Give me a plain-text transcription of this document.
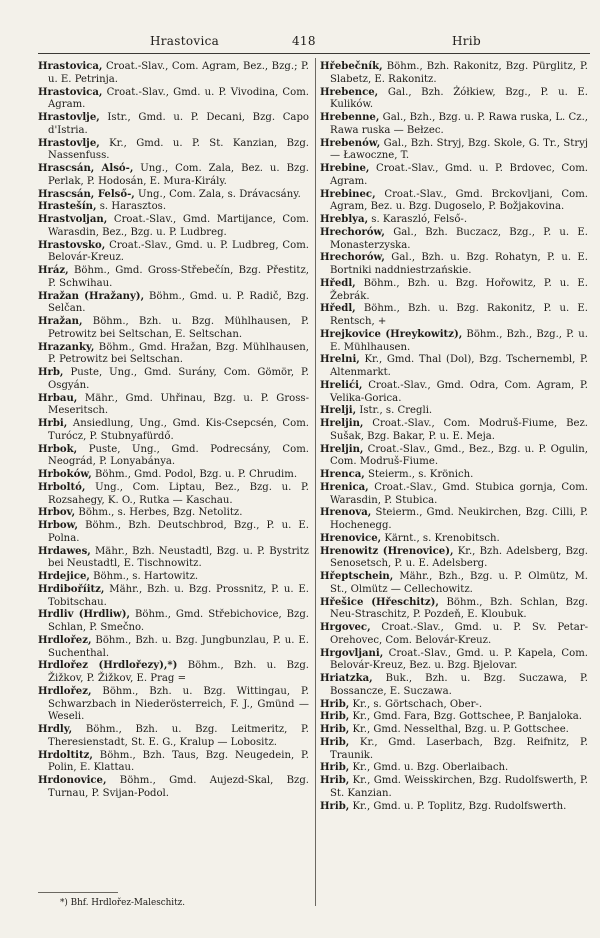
Hrastovica	418	Hrib

Hrastovica, Croat.-Slav., Com. Agram, Bez., Bzg.; P. u. E. Petrinja.

Hrastovica, Croat.-Slav., Gmd. u. P. Vivodina, Com. Agram.

Hrastovlje, Istr., Gmd. u. P. Decani, Bzg. Capo d'Istria.

Hrastovlje, Kr., Gmd. u. P. St. Kanzian, Bzg. Nassenfuss.

Hrascsán, Alsó-, Ung., Com. Zala, Bez. u. Bzg. Perlak, P. Hodosán, E. Mura-Király.

Hrascsán, Felső-, Ung., Com. Zala, s. Drávacsány.

Hrastešín, s. Harasztos.

Hrastvoljan, Croat.-Slav., Gmd. Martijance, Com. Warasdin, Bez., Bzg. u. P. Ludbreg.

Hrastovsko, Croat.-Slav., Gmd. u. P. Ludbreg, Com. Belovár-Kreuz.

Hráz, Böhm., Gmd. Gross-Střebečín, Bzg. Přestitz, P. Schwihau.

Hražan (Hražany), Böhm., Gmd. u. P. Radič, Bzg. Selčan.

Hražan, Böhm., Bzh. u. Bzg. Mühlhausen, P. Petrowitz bei Seltschan, E. Seltschan.

Hrazanky, Böhm., Gmd. Hražan, Bzg. Mühlhausen, P. Petrowitz bei Seltschan.

Hrb, Puste, Ung., Gmd. Surány, Com. Gömör, P. Osgyán.

Hrbau, Mähr., Gmd. Uhřinau, Bzg. u. P. Gross-Meseritsch.

Hrbi, Ansiedlung, Ung., Gmd. Kis-Csepcsén, Com. Turócz, P. Stubnyafürdő.

Hrbok, Puste, Ung., Gmd. Podrecsány, Com. Neográd, P. Lonyabánya.

Hrboków, Böhm., Gmd. Podol, Bzg. u. P. Chrudim.

Hrboltó, Ung., Com. Liptau, Bez., Bzg. u. P. Rozsahegy, K. O., Rutka — Kaschau.

Hrbov, Böhm., s. Herbes, Bzg. Netolitz.

Hrbow, Böhm., Bzh. Deutschbrod, Bzg., P. u. E. Polna.

Hrdawes, Mähr., Bzh. Neustadtl, Bzg. u. P. Bystritz bei Neustadtl, E. Tischnowitz.

Hrdejice, Böhm., s. Hartowitz.

Hrdiboříitz, Mähr., Bzh. u. Bzg. Prossnitz, P. u. E. Tobitschau.

Hrdliv (Hrdliw), Böhm., Gmd. Střebichovice, Bzg. Schlan, P. Smečno.

Hrdlořez, Böhm., Bzh. u. Bzg. Jungbunzlau, P. u. E. Suchenthal.

Hrdlořez (Hrdlořezy),*) Böhm., Bzh. u. Bzg. Žižkov, P. Žižkov, E. Prag =

Hrdlořez, Böhm., Bzh. u. Bzg. Wittingau, P. Schwarzbach in Niederösterreich, F. J., Gmünd — Weseli.

Hrdly, Böhm., Bzh. u. Bzg. Leitmeritz, P. Theresienstadt, St. E. G., Kralup — Lobositz.

Hrdoltitz, Böhm., Bzh. Taus, Bzg. Neugedein, P. Polin, E. Klattau.

Hrdonovice, Böhm., Gmd. Aujezd-Skal, Bzg. Turnau, P. Svijan-Podol.

Hřebečník, Böhm., Bzh. Rakonitz, Bzg. Pürglitz, P. Slabetz, E. Rakonitz.

Hrebence, Gal., Bzh. Żółkiew, Bzg., P. u. E. Kulików.

Hrebenne, Gal., Bzh., Bzg. u. P. Rawa ruska, L. Cz., Rawa ruska — Bełzec.

Hrebenów, Gal., Bzh. Stryj, Bzg. Skole, G. Tr., Stryj — Ławoczne, T.

Hrebine, Croat.-Slav., Gmd. u. P. Brdovec, Com. Agram.

Hrebinec, Croat.-Slav., Gmd. Brckovljani, Com. Agram, Bez. u. Bzg. Dugoselo, P. Božjakovina.

Hreblya, s. Karaszló, Felső-.

Hrechorów, Gal., Bzh. Buczacz, Bzg., P. u. E. Monasterzyska.

Hrechorów, Gal., Bzh. u. Bzg. Rohatyn, P. u. E. Bortniki naddniestrzańskie.

Hředl, Böhm., Bzh. u. Bzg. Hořowitz, P. u. E. Žebrák.

Hředl, Böhm., Bzh. u. Bzg. Rakonitz, P. u. E. Rentsch, +

Hrejkovice (Hreykowitz), Böhm., Bzh., Bzg., P. u. E. Mühlhausen.

Hrelni, Kr., Gmd. Thal (Dol), Bzg. Tschernembl, P. Altenmarkt.

Hrelići, Croat.-Slav., Gmd. Odra, Com. Agram, P. Velika-Gorica.

Hrelji, Istr., s. Cregli.

Hreljin, Croat.-Slav., Com. Modruš-Fiume, Bez. Sušak, Bzg. Bakar, P. u. E. Meja.

Hreljin, Croat.-Slav., Gmd., Bez., Bzg. u. P. Ogulin, Com. Modruš-Fiume.

Hrenca, Steierm., s. Krönich.

Hrenica, Croat.-Slav., Gmd. Stubica gornja, Com. Warasdin, P. Stubica.

Hrenova, Steierm., Gmd. Neukirchen, Bzg. Cilli, P. Hochenegg.

Hrenovice, Kärnt., s. Krenobitsch.

Hrenowitz (Hrenovice), Kr., Bzh. Adelsberg, Bzg. Senosetsch, P. u. E. Adelsberg.

Hřeptschein, Mähr., Bzh., Bzg. u. P. Olmütz, M. St., Olmütz — Cellechowitz.

Hřešice (Hřeschitz), Böhm., Bzh. Schlan, Bzg. Neu-Straschitz, P. Pozdeň, E. Kloubuk.

Hrgovec, Croat.-Slav., Gmd. u. P. Sv. Petar-Orehovec, Com. Belovár-Kreuz.

Hrgovljani, Croat.-Slav., Gmd. u. P. Kapela, Com. Belovár-Kreuz, Bez. u. Bzg. Bjelovar.

Hriatzka, Buk., Bzh. u. Bzg. Suczawa, P. Bossancze, E. Suczawa.

Hrib, Kr., s. Görtschach, Ober-.

Hrib, Kr., Gmd. Fara, Bzg. Gottschee, P. Banjaloka.

Hrib, Kr., Gmd. Nesselthal, Bzg. u. P. Gottschee.

Hrib, Kr., Gmd. Laserbach, Bzg. Reifnitz, P. Traunik.

Hrib, Kr., Gmd. u. Bzg. Oberlaibach.

Hrib, Kr., Gmd. Weisskirchen, Bzg. Rudolfswerth, P. St. Kanzian.

Hrib, Kr., Gmd. u. P. Toplitz, Bzg. Rudolfswerth.

*) Bhf. Hrdlořez-Maleschitz.
